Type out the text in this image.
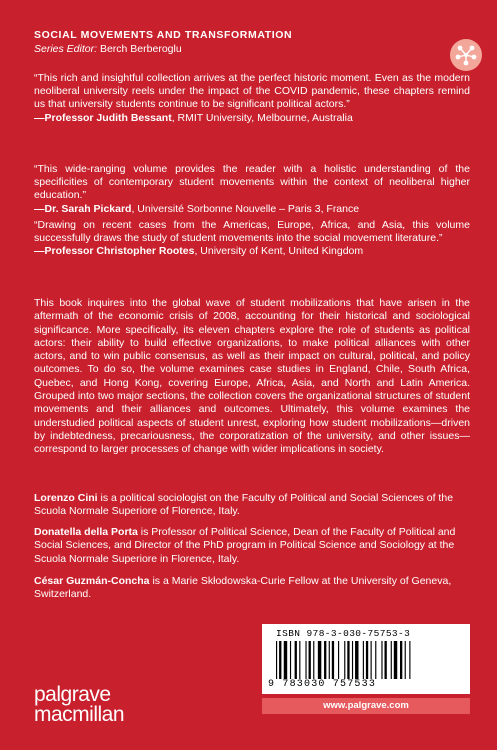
SOCIAL MOVEMENTS AND TRANSFORMATION
Series Editor: Berch Berberoglu
“This rich and insightful collection arrives at the perfect historic moment. Even as the modern neoliberal university reels under the impact of the COVID pandemic, these chapters remind us that university students continue to be significant political actors.”
—Professor Judith Bessant, RMIT University, Melbourne, Australia
“This wide-ranging volume provides the reader with a holistic understanding of the specificities of contemporary student movements within the context of neoliberal higher education.”
—Dr. Sarah Pickard, Université Sorbonne Nouvelle – Paris 3, France
“Drawing on recent cases from the Americas, Europe, Africa, and Asia, this volume successfully draws the study of student movements into the social movement literature.”
—Professor Christopher Rootes, University of Kent, United Kingdom
This book inquires into the global wave of student mobilizations that have arisen in the aftermath of the economic crisis of 2008, accounting for their historical and sociological significance. More specifically, its eleven chapters explore the role of students as political actors: their ability to build effective organizations, to make political alliances with other actors, and to win public consensus, as well as their impact on cultural, political, and policy outcomes. To do so, the volume examines case studies in England, Chile, South Africa, Quebec, and Hong Kong, covering Europe, Africa, Asia, and North and Latin America. Grouped into two major sections, the collection covers the organizational structures of student movements and their alliances and outcomes. Ultimately, this volume examines the understudied political aspects of student unrest, exploring how student mobilizations—driven by indebtedness, precariousness, the corporatization of the university, and other issues—correspond to larger processes of change with wider implications in society.
Lorenzo Cini is a political sociologist on the Faculty of Political and Social Sciences of the Scuola Normale Superiore of Florence, Italy.
Donatella della Porta is Professor of Political Science, Dean of the Faculty of Political and Social Sciences, and Director of the PhD program in Political Science and Sociology at the Scuola Normale Superiore in Florence, Italy.
César Guzmán-Concha is a Marie Skłodowska-Curie Fellow at the University of Geneva, Switzerland.
ISBN 978-3-030-75753-3
9 783030 757533
www.palgrave.com
palgrave
macmillan
